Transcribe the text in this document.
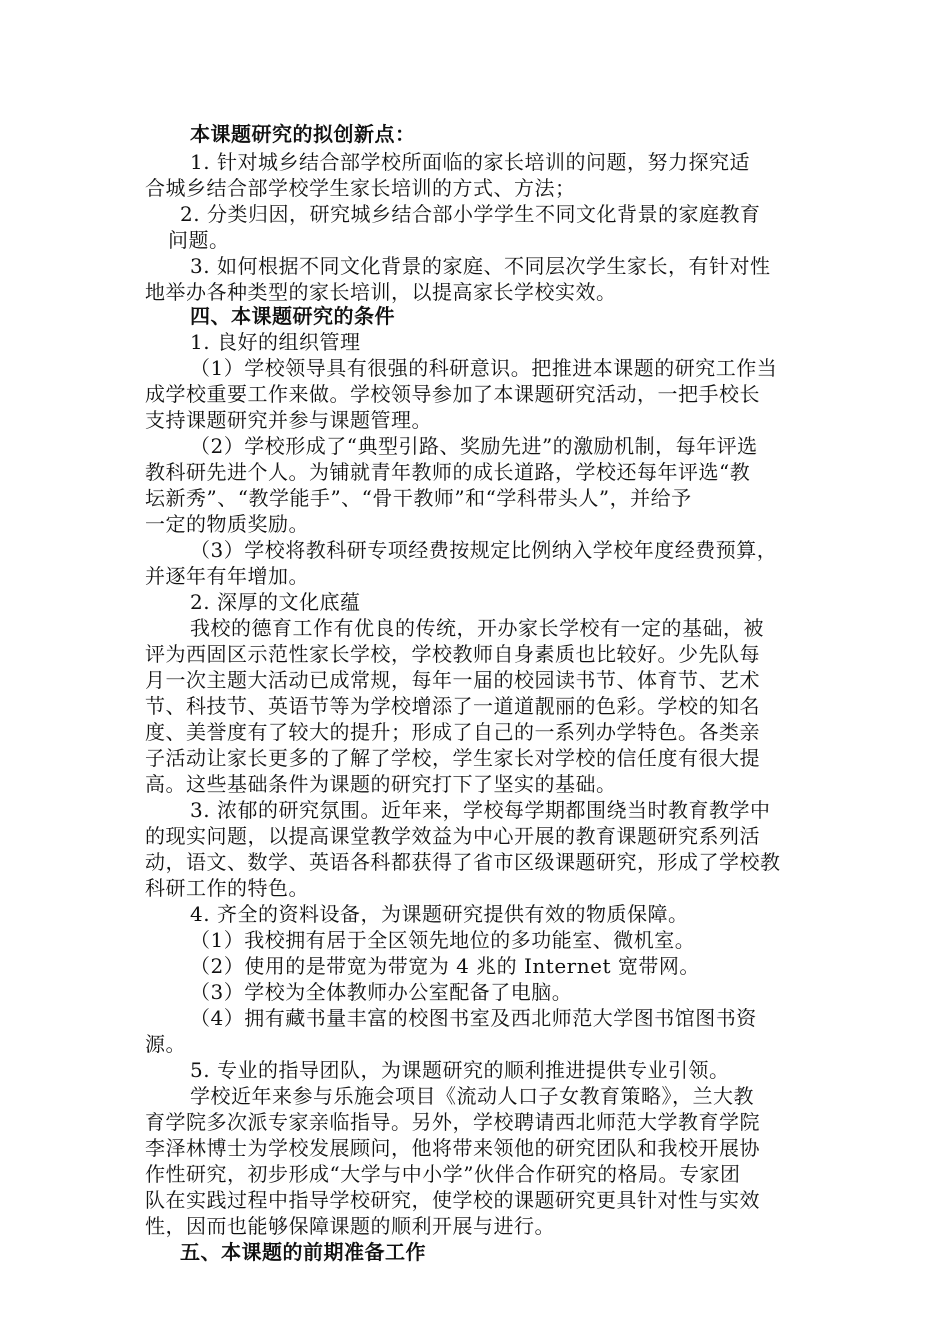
本课题研究的拟创新点：
1. 针对城乡结合部学校所面临的家长培训的问题，努力探究适
合城乡结合部学校学生家长培训的方式、方法；
2. 分类归因，研究城乡结合部小学学生不同文化背景的家庭教育
问题。
3. 如何根据不同文化背景的家庭、不同层次学生家长，有针对性
地举办各种类型的家长培训，以提高家长学校实效。
四、本课题研究的条件
1. 良好的组织管理
（1）学校领导具有很强的科研意识。把推进本课题的研究工作当
成学校重要工作来做。学校领导参加了本课题研究活动，一把手校长
支持课题研究并参与课题管理。
（2）学校形成了“典型引路、奖励先进”的激励机制，每年评选
教科研先进个人。为铺就青年教师的成长道路，学校还每年评选“教
坛新秀”、“教学能手”、“骨干教师”和“学科带头人”，并给予
一定的物质奖励。
（3）学校将教科研专项经费按规定比例纳入学校年度经费预算，
并逐年有年增加。
2. 深厚的文化底蕴
我校的德育工作有优良的传统，开办家长学校有一定的基础，被
评为西固区示范性家长学校，学校教师自身素质也比较好。少先队每
月一次主题大活动已成常规，每年一届的校园读书节、体育节、艺术
节、科技节、英语节等为学校增添了一道道靓丽的色彩。学校的知名
度、美誉度有了较大的提升；形成了自己的一系列办学特色。各类亲
子活动让家长更多的了解了学校，学生家长对学校的信任度有很大提
高。这些基础条件为课题的研究打下了坚实的基础。
3. 浓郁的研究氛围。近年来，学校每学期都围绕当时教育教学中
的现实问题，以提高课堂教学效益为中心开展的教育课题研究系列活
动，语文、数学、英语各科都获得了省市区级课题研究，形成了学校教
科研工作的特色。
4. 齐全的资料设备，为课题研究提供有效的物质保障。
（1）我校拥有居于全区领先地位的多功能室、微机室。
（2）使用的是带宽为带宽为 4 兆的 Internet 宽带网。
（3）学校为全体教师办公室配备了电脑。
（4）拥有藏书量丰富的校图书室及西北师范大学图书馆图书资
源。
5. 专业的指导团队，为课题研究的顺利推进提供专业引领。
学校近年来参与乐施会项目《流动人口子女教育策略》，兰大教
育学院多次派专家亲临指导。另外，学校聘请西北师范大学教育学院
李泽林博士为学校发展顾问，他将带来领他的研究团队和我校开展协
作性研究，初步形成“大学与中小学”伙伴合作研究的格局。专家团
队在实践过程中指导学校研究，使学校的课题研究更具针对性与实效
性，因而也能够保障课题的顺利开展与进行。
五、本课题的前期准备工作
